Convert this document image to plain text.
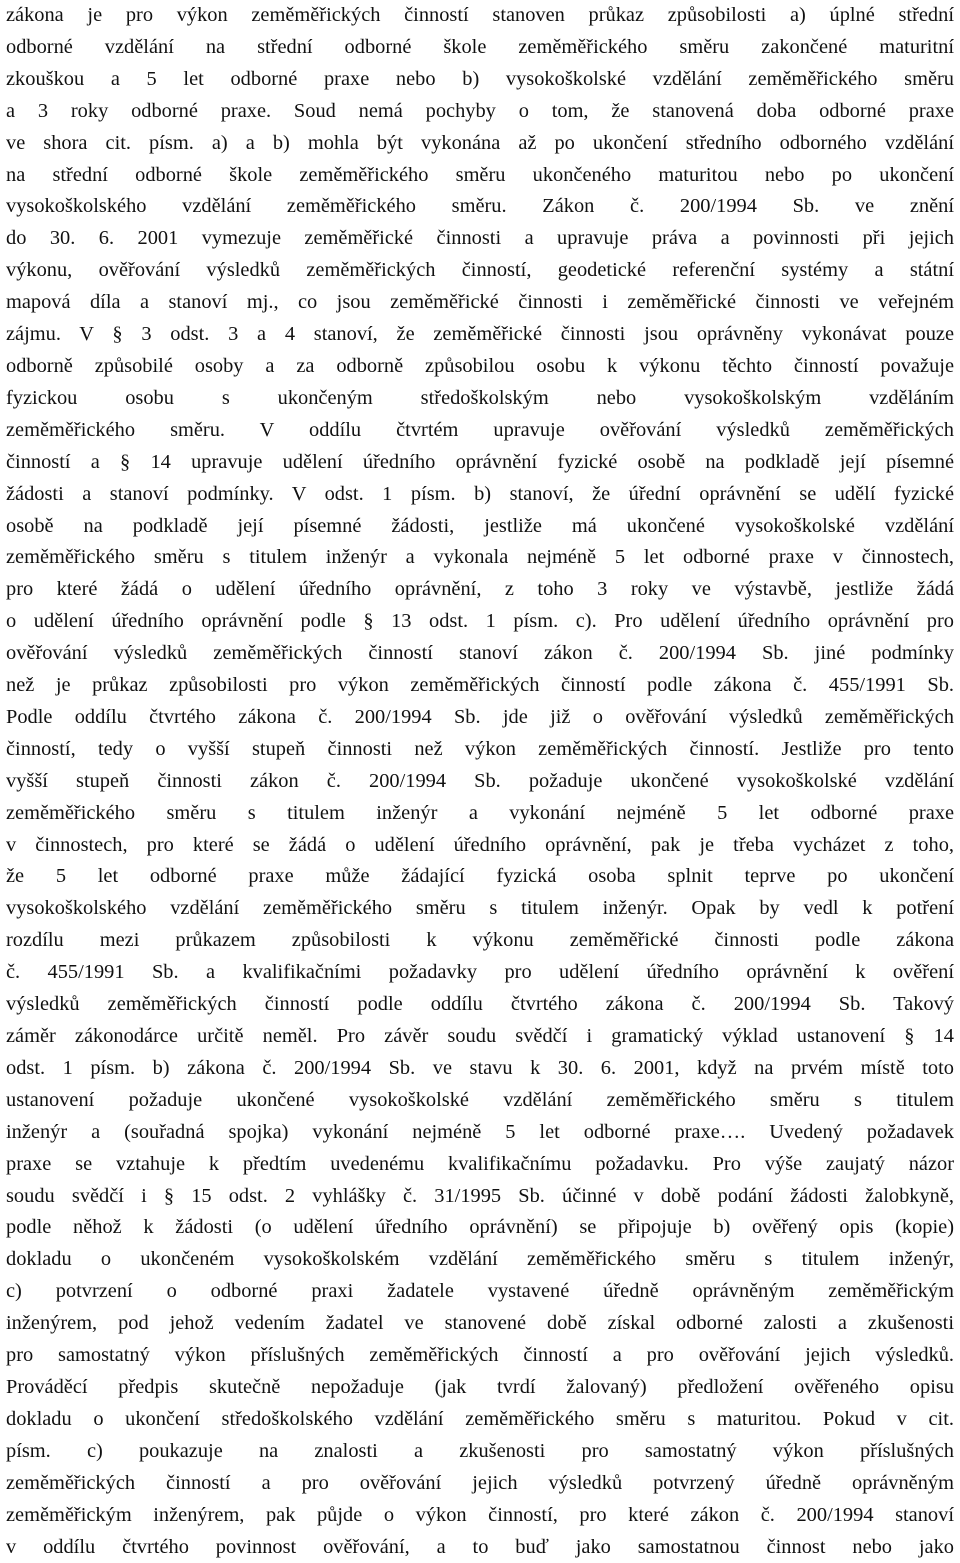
zákona je pro výkon zeměměřických činností stanoven průkaz způsobilosti a) úplné střední
odborné vzdělání na střední odborné škole zeměměřického směru zakončené maturitní
zkouškou a 5 let odborné praxe nebo b) vysokoškolské vzdělání zeměměřického směru
a 3 roky odborné praxe. Soud nemá pochyby o tom, že stanovená doba odborné praxe
ve shora cit. písm. a) a b) mohla být vykonána až po ukončení středního odborného vzdělání
na střední odborné škole zeměměřického směru ukončeného maturitou nebo po ukončení
vysokoškolského vzdělání zeměměřického směru. Zákon č. 200/1994 Sb. ve znění
do 30. 6. 2001 vymezuje zeměměřické činnosti a upravuje práva a povinnosti při jejich
výkonu, ověřování výsledků zeměměřických činností, geodetické referenční systémy a státní
mapová díla a stanoví mj., co jsou zeměměřické činnosti i zeměměřické činnosti ve veřejném
zájmu. V § 3 odst. 3 a 4 stanoví, že zeměměřické činnosti jsou oprávněny vykonávat pouze
odborně způsobilé osoby a za odborně způsobilou osobu k výkonu těchto činností považuje
fyzickou osobu s ukončeným středoškolským nebo vysokoškolským vzděláním
zeměměřického směru. V oddílu čtvrtém upravuje ověřování výsledků zeměměřických
činností a § 14 upravuje udělení úředního oprávnění fyzické osobě na podkladě její písemné
žádosti a stanoví podmínky. V odst. 1 písm. b) stanoví, že úřední oprávnění se udělí fyzické
osobě na podkladě její písemné žádosti, jestliže má ukončené vysokoškolské vzdělání
zeměměřického směru s titulem inženýr a vykonala nejméně 5 let odborné praxe v činnostech,
pro které žádá o udělení úředního oprávnění, z toho 3 roky ve výstavbě, jestliže žádá
o udělení úředního oprávnění podle § 13 odst. 1 písm. c). Pro udělení úředního oprávnění pro
ověřování výsledků zeměměřických činností stanoví zákon č. 200/1994 Sb. jiné podmínky
než je průkaz způsobilosti pro výkon zeměměřických činností podle zákona č. 455/1991 Sb.
Podle oddílu čtvrtého zákona č. 200/1994 Sb. jde již o ověřování výsledků zeměměřických
činností, tedy o vyšší stupeň činnosti než výkon zeměměřických činností. Jestliže pro tento
vyšší stupeň činnosti zákon č. 200/1994 Sb. požaduje ukončené vysokoškolské vzdělání
zeměměřického směru s titulem inženýr a vykonání nejméně 5 let odborné praxe
v činnostech, pro které se žádá o udělení úředního oprávnění, pak je třeba vycházet z toho,
že 5 let odborné praxe může žádající fyzická osoba splnit teprve po ukončení
vysokoškolského vzdělání zeměměřického směru s titulem inženýr. Opak by vedl k potření
rozdílu mezi průkazem způsobilosti k výkonu zeměměřické činnosti podle zákona
č. 455/1991 Sb. a kvalifikačními požadavky pro udělení úředního oprávnění k ověření
výsledků zeměměřických činností podle oddílu čtvrtého zákona č. 200/1994 Sb. Takový
záměr zákonodárce určitě neměl. Pro závěr soudu svědčí i gramatický výklad ustanovení § 14
odst. 1 písm. b) zákona č. 200/1994 Sb. ve stavu k 30. 6. 2001, když na prvém místě toto
ustanovení požaduje ukončené vysokoškolské vzdělání zeměměřického směru s titulem
inženýr a (souřadná spojka) vykonání nejméně 5 let odborné praxe…. Uvedený požadavek
praxe se vztahuje k předtím uvedenému kvalifikačnímu požadavku. Pro výše zaujatý názor
soudu svědčí i § 15 odst. 2 vyhlášky č. 31/1995 Sb. účinné v době podání žádosti žalobkyně,
podle něhož k žádosti (o udělení úředního oprávnění) se připojuje b) ověřený opis (kopie)
dokladu o ukončeném vysokoškolském vzdělání zeměměřického směru s titulem inženýr,
c) potvrzení o odborné praxi žadatele vystavené úředně oprávněným zeměměřickým
inženýrem, pod jehož vedením žadatel ve stanovené době získal odborné zalosti a zkušenosti
pro samostatný výkon příslušných zeměměřických činností a pro ověřování jejich výsledků.
Prováděcí předpis skutečně nepožaduje (jak tvrdí žalovaný) předložení ověřeného opisu
dokladu o ukončení středoškolského vzdělání zeměměřického směru s maturitou. Pokud v cit.
písm. c) poukazuje na znalosti a zkušenosti pro samostatný výkon příslušných
zeměměřických činností a pro ověřování jejich výsledků potvrzený úředně oprávněným
zeměměřickým inženýrem, pak půjde o výkon činností, pro které zákon č. 200/1994 stanoví
v oddílu čtvrtého povinnost ověřování, a to buď jako samostatnou činnost nebo jako
